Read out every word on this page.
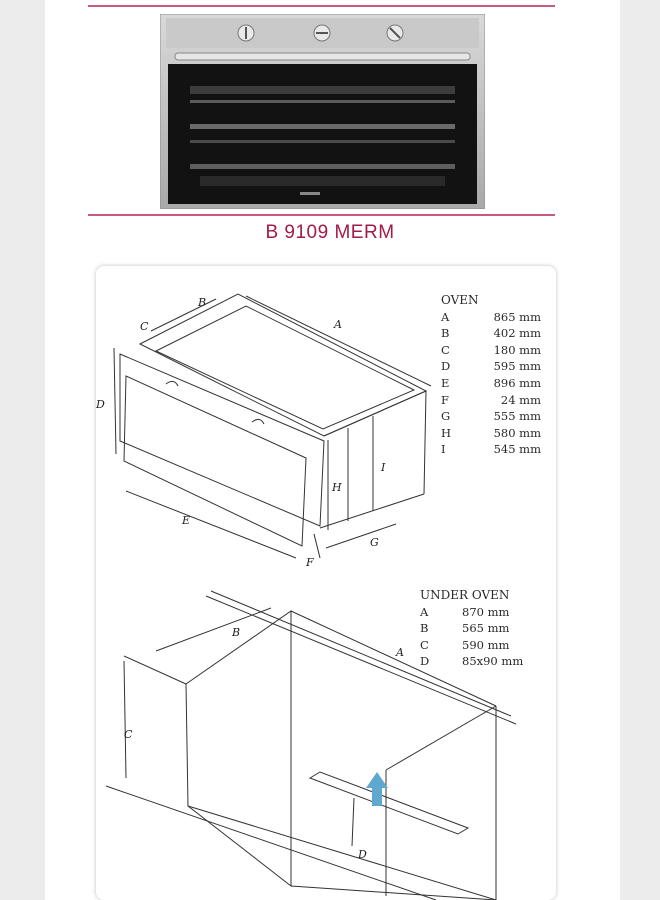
B 9109 MERM
B
C	A
D
E
F
G
H
I
B
A
C
D
OVEN
A	865 mm
B	402 mm
C	180 mm
D	595 mm
E	896 mm
F	24 mm
G	555 mm
H	580 mm
I	545 mm
UNDER OVEN
A	870 mm
B	565 mm
C	590 mm
D	85x90 mm
